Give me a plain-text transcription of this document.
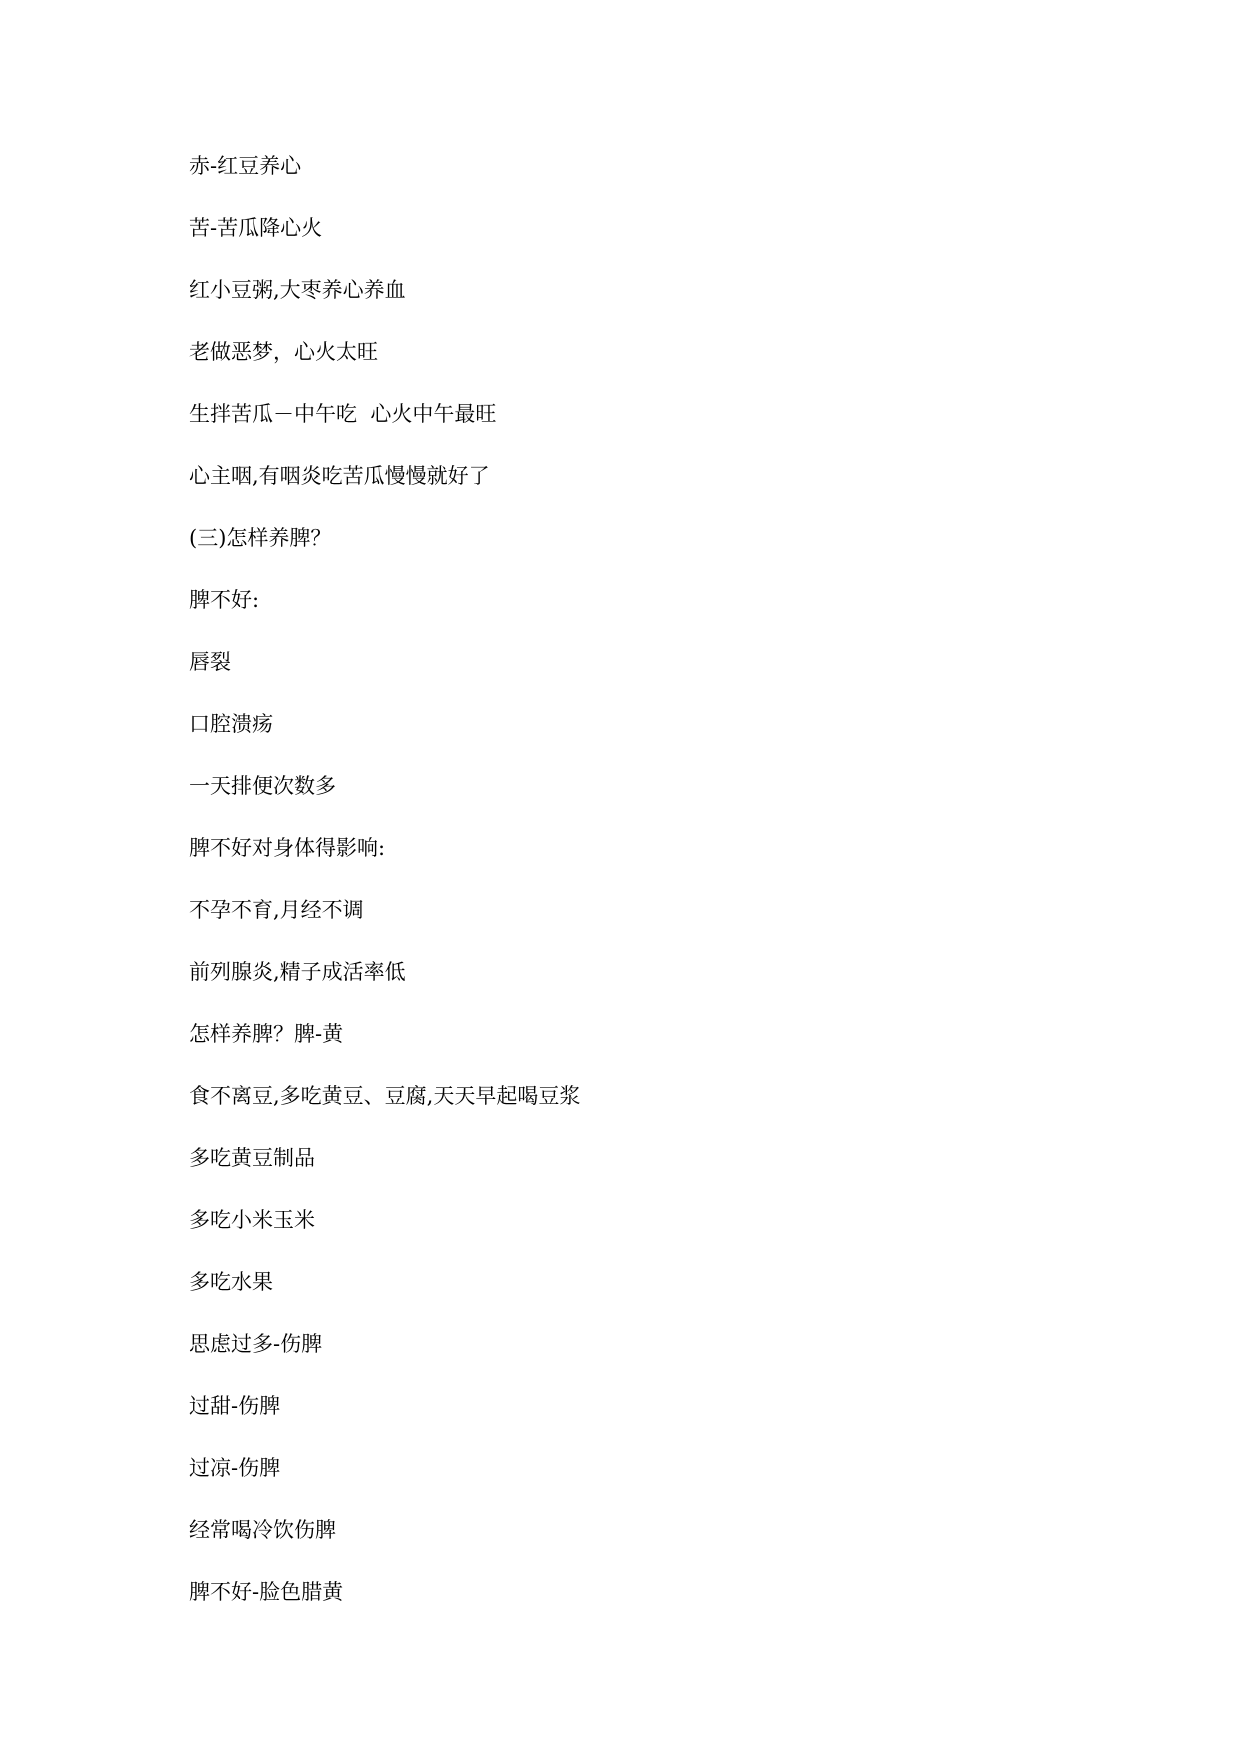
赤-红豆养心

苦-苦瓜降心火

红小豆粥,大枣养心养血

老做恶梦，心火太旺

生拌苦瓜－中午吃  心火中午最旺

心主咽,有咽炎吃苦瓜慢慢就好了

(三)怎样养脾？

脾不好:

唇裂

口腔溃疡

一天排便次数多

脾不好对身体得影响:

不孕不育,月经不调

前列腺炎,精子成活率低

怎样养脾？脾-黄

食不离豆,多吃黄豆、豆腐,天天早起喝豆浆

多吃黄豆制品

多吃小米玉米

多吃水果

思虑过多-伤脾

过甜-伤脾

过凉-伤脾

经常喝冷饮伤脾

脾不好-脸色腊黄
